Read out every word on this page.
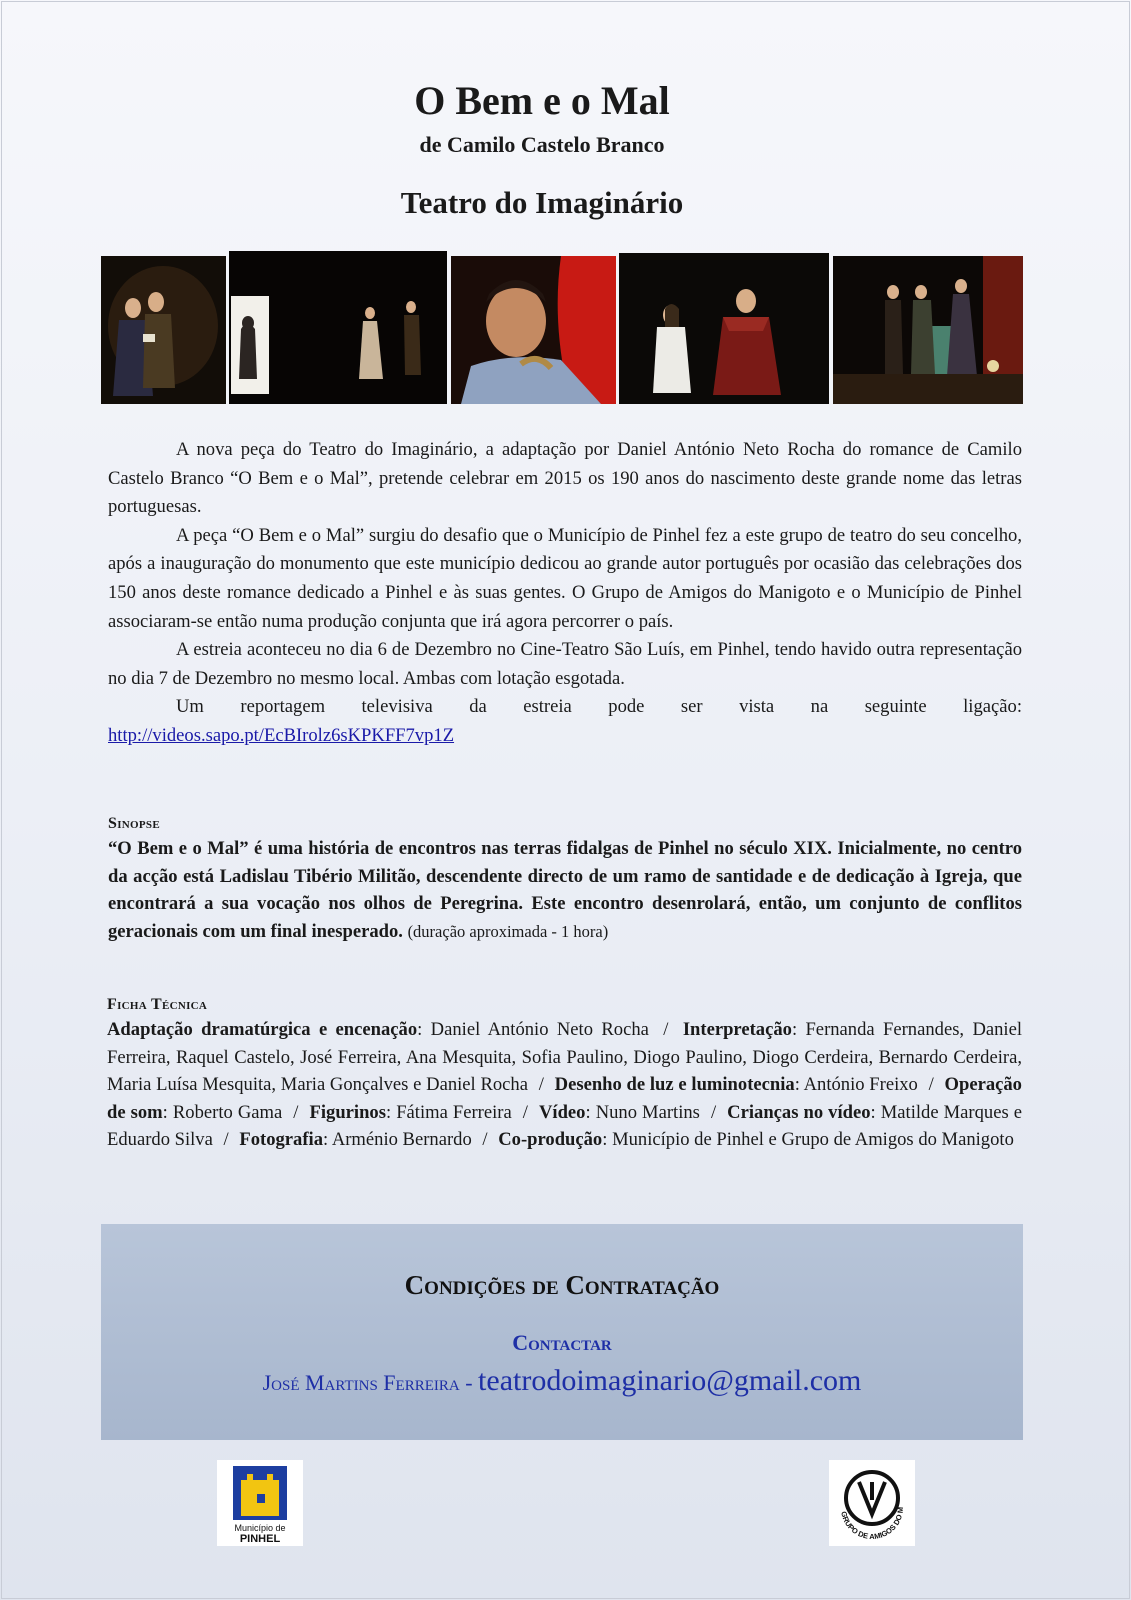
O Bem e o Mal
de Camilo Castelo Branco
Teatro do Imaginário

A nova peça do Teatro do Imaginário, a adaptação por Daniel António Neto Rocha do romance de Camilo Castelo Branco “O Bem e o Mal”, pretende celebrar em 2015 os 190 anos do nascimento deste grande nome das letras portuguesas.

A peça “O Bem e o Mal” surgiu do desafio que o Município de Pinhel fez a este grupo de teatro do seu concelho, após a inauguração do monumento que este município dedicou ao grande autor português por ocasião das celebrações dos 150 anos deste romance dedicado a Pinhel e às suas gentes. O Grupo de Amigos do Manigoto e o Município de Pinhel associaram-se então numa produção conjunta que irá agora percorrer o país.

A estreia aconteceu no dia 6 de Dezembro no Cine-Teatro São Luís, em Pinhel, tendo havido outra representação no dia 7 de Dezembro no mesmo local. Ambas com lotação esgotada.

Um reportagem televisiva da estreia pode ser vista na seguinte ligação: http://videos.sapo.pt/EcBIrolz6sKPKFF7vp1Z

Sinopse
“O Bem e o Mal” é uma história de encontros nas terras fidalgas de Pinhel no século XIX. Inicialmente, no centro da acção está Ladislau Tibério Militão, descendente directo de um ramo de santidade e de dedicação à Igreja, que encontrará a sua vocação nos olhos de Peregrina. Este encontro desenrolará, então, um conjunto de conflitos geracionais com um final inesperado. (duração aproximada - 1 hora)
Ficha Técnica
Adaptação dramatúrgica e encenação: Daniel António Neto Rocha / Interpretação: Fernanda Fernandes, Daniel Ferreira, Raquel Castelo, José Ferreira, Ana Mesquita, Sofia Paulino, Diogo Paulino, Diogo Cerdeira, Bernardo Cerdeira, Maria Luísa Mesquita, Maria Gonçalves e Daniel Rocha / Desenho de luz e luminotecnia: António Freixo / Operação de som: Roberto Gama / Figurinos: Fátima Ferreira / Vídeo: Nuno Martins / Crianças no vídeo: Matilde Marques e Eduardo Silva / Fotografia: Arménio Bernardo / Co-produção: Município de Pinhel e Grupo de Amigos do Manigoto
Condições de Contratação
Contactar
José Martins Ferreira - teatrodoimaginario@gmail.com
Município de
PINHEL
GRUPO DE AMIGOS DO M
